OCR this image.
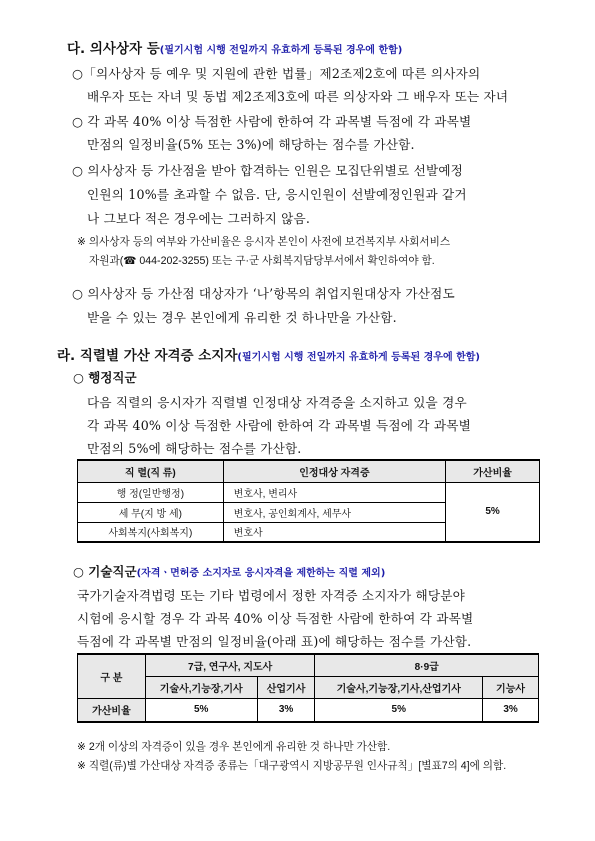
다. 의사상자 등(필기시험 시행 전일까지 유효하게 등록된 경우에 한함)
○「의사상자 등 예우 및 지원에 관한 법률」제2조제2호에 따른 의사자의
배우자 또는 자녀 및 동법 제2조제3호에 따른 의상자와 그 배우자 또는 자녀
○ 각 과목 40% 이상 득점한 사람에 한하여 각 과목별 득점에 각 과목별
만점의 일정비율(5% 또는 3%)에 해당하는 점수를 가산함.
○ 의사상자 등 가산점을 받아 합격하는 인원은 모집단위별로 선발예정
인원의 10%를 초과할 수 없음. 단, 응시인원이 선발예정인원과 같거
나 그보다 적은 경우에는 그러하지 않음.
※ 의사상자 등의 여부와 가산비율은 응시자 본인이 사전에 보건복지부 사회서비스
자원과(☎ 044-202-3255) 또는 구·군 사회복지담당부서에서 확인하여야 함.
○ 의사상자 등 가산점 대상자가 ‘나’항목의 취업지원대상자 가산점도
받을 수 있는 경우 본인에게 유리한 것 하나만을 가산함.
라. 직렬별 가산 자격증 소지자(필기시험 시행 전일까지 유효하게 등록된 경우에 한함)
○ 행정직군
다음 직렬의 응시자가 직렬별 인정대상 자격증을 소지하고 있을 경우
각 과목 40% 이상 득점한 사람에 한하여 각 과목별 득점에 각 과목별
만점의 5%에 해당하는 점수를 가산함.
직 렬(직 류)	인정대상 자격증	가산비율
행 정(일반행정)	변호사, 변리사	5%
세 무(지 방 세)	변호사, 공인회계사, 세무사	
사회복지(사회복지)	변호사	
○ 기술직군(자격ㆍ면허증 소지자로 응시자격을 제한하는 직렬 제외)
국가기술자격법령 또는 기타 법령에서 정한 자격증 소지자가 해당분야
시험에 응시할 경우 각 과목 40% 이상 득점한 사람에 한하여 각 과목별
득점에 각 과목별 만점의 일정비율(아래 표)에 해당하는 점수를 가산함.
구 분	7급, 연구사, 지도사		8·9급	
	기술사,기능장,기사	산업기사	기술사,기능장,기사,산업기사	기능사
가산비율	5%	3%	5%	3%
※ 2개 이상의 자격증이 있을 경우 본인에게 유리한 것 하나만 가산함.
※ 직렬(류)별 가산대상 자격증 종류는「대구광역시 지방공무원 인사규칙」[별표7의 4]에 의함.
